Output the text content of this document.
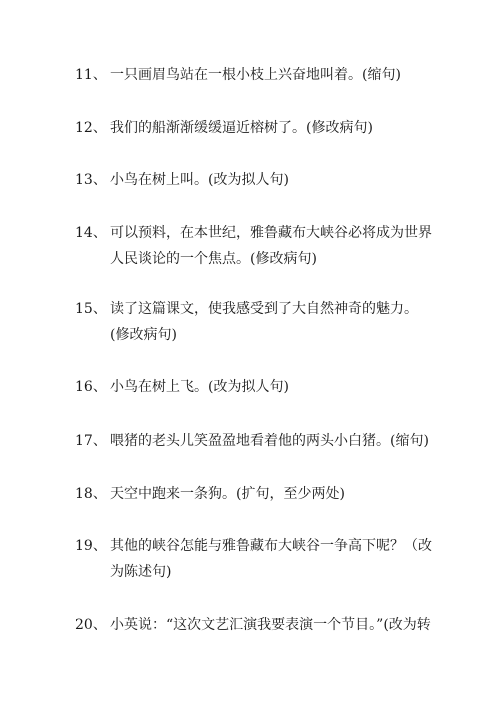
11、 一只画眉鸟站在一根小枝上兴奋地叫着。(缩句)
12、 我们的船渐渐缓缓逼近榕树了。(修改病句)
13、 小鸟在树上叫。(改为拟人句)
14、 可以预料，在本世纪，雅鲁藏布大峡谷必将成为世界人民谈论的一个焦点。(修改病句)
15、 读了这篇课文，使我感受到了大自然神奇的魅力。(修改病句)
16、 小鸟在树上飞。(改为拟人句)
17、 喂猪的老头儿笑盈盈地看着他的两头小白猪。(缩句)
18、 天空中跑来一条狗。(扩句，至少两处)
19、 其他的峡谷怎能与雅鲁藏布大峡谷一争高下呢？（改为陈述句)
20、 小英说：“这次文艺汇演我要表演一个节目。”(改为转
